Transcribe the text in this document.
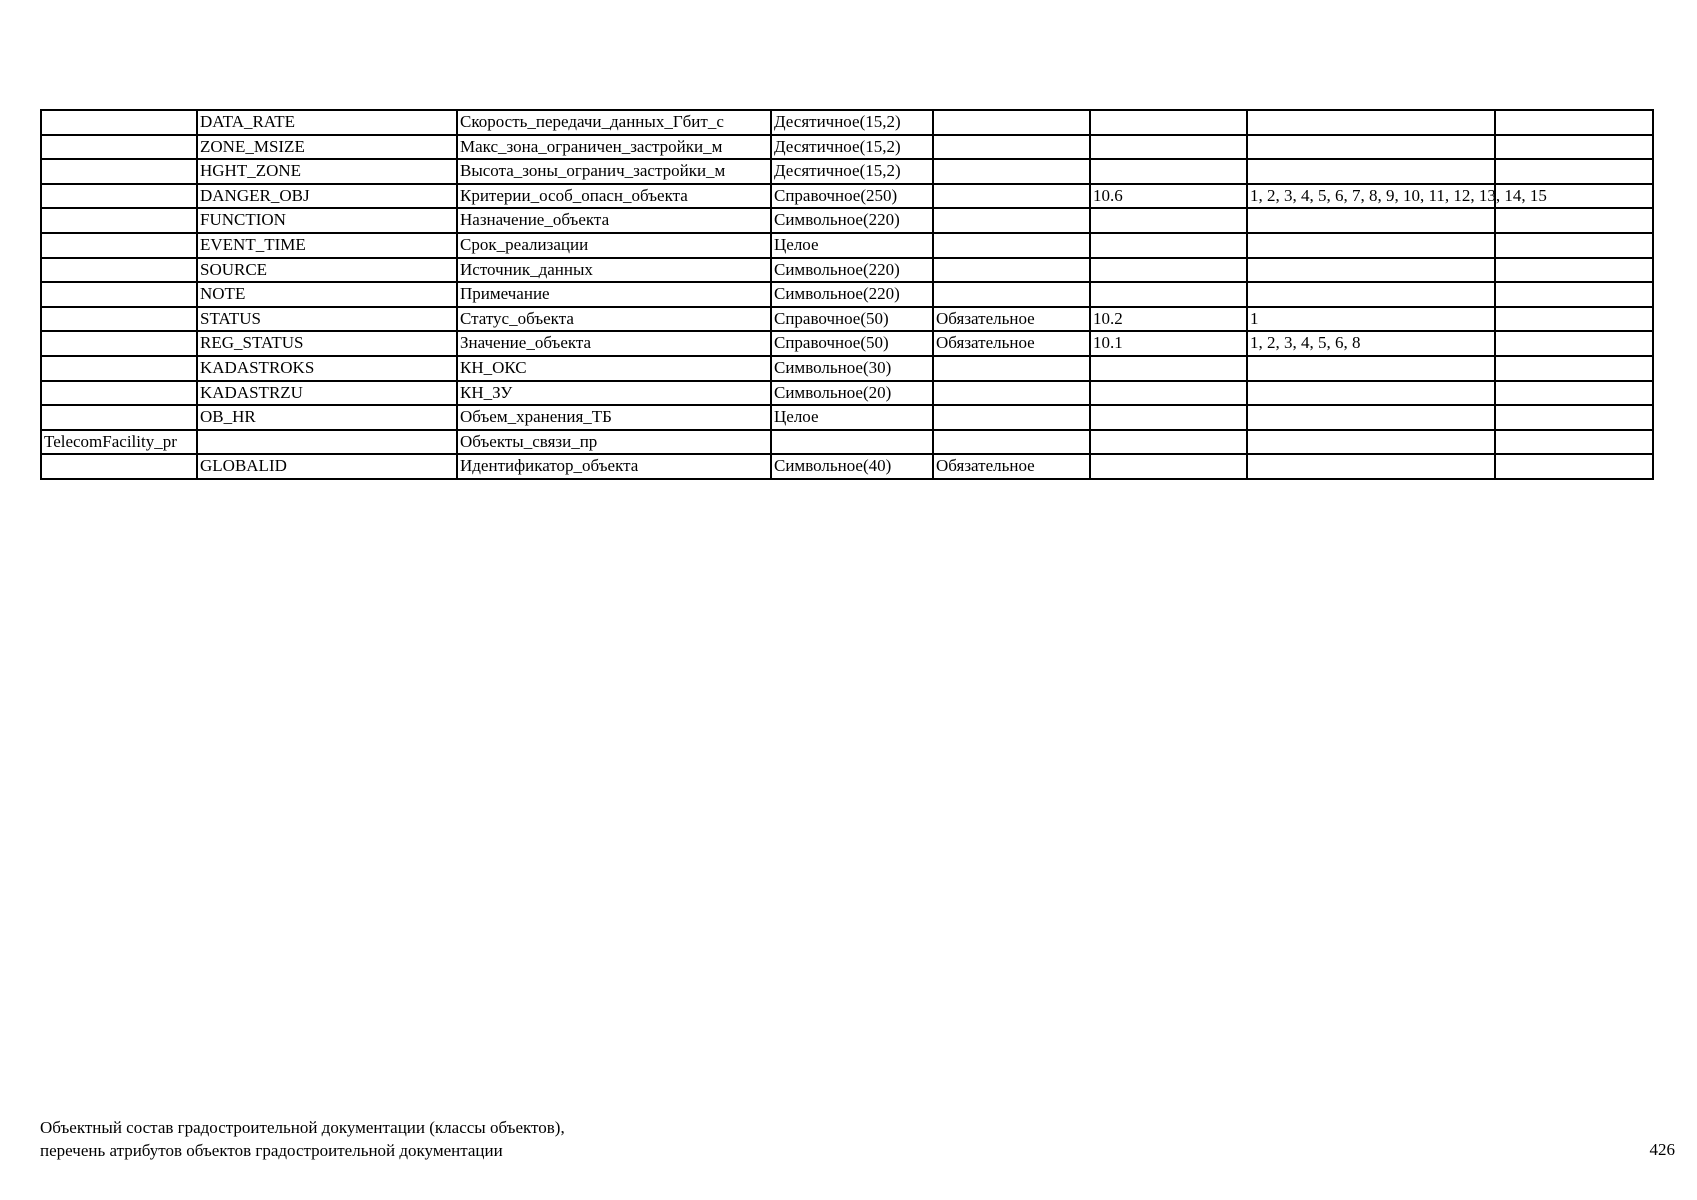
	DATA_RATE	Скорость_передачи_данных_Гбит_с	Десятичное(15,2)				
	ZONE_MSIZE	Макс_зона_ограничен_застройки_м	Десятичное(15,2)				
	HGHT_ZONE	Высота_зоны_огранич_застройки_м	Десятичное(15,2)				
	DANGER_OBJ	Критерии_особ_опасн_объекта	Справочное(250)		10.6	1, 2, 3, 4, 5, 6, 7, 8, 9, 10, 11, 12, 13, 14, 15	
	FUNCTION	Назначение_объекта	Символьное(220)				
	EVENT_TIME	Срок_реализации	Целое				
	SOURCE	Источник_данных	Символьное(220)				
	NOTE	Примечание	Символьное(220)				
	STATUS	Статус_объекта	Справочное(50)	Обязательное	10.2	1	
	REG_STATUS	Значение_объекта	Справочное(50)	Обязательное	10.1	1, 2, 3, 4, 5, 6, 8	
	KADASTROKS	КН_ОКС	Символьное(30)				
	KADASTRZU	КН_ЗУ	Символьное(20)				
	OB_HR	Объем_хранения_ТБ	Целое				
TelecomFacility_pr		Объекты_связи_пр					
	GLOBALID	Идентификатор_объекта	Символьное(40)	Обязательное			
Объектный состав градостроительной документации (классы объектов),
перечень атрибутов объектов градостроительной документации	426
